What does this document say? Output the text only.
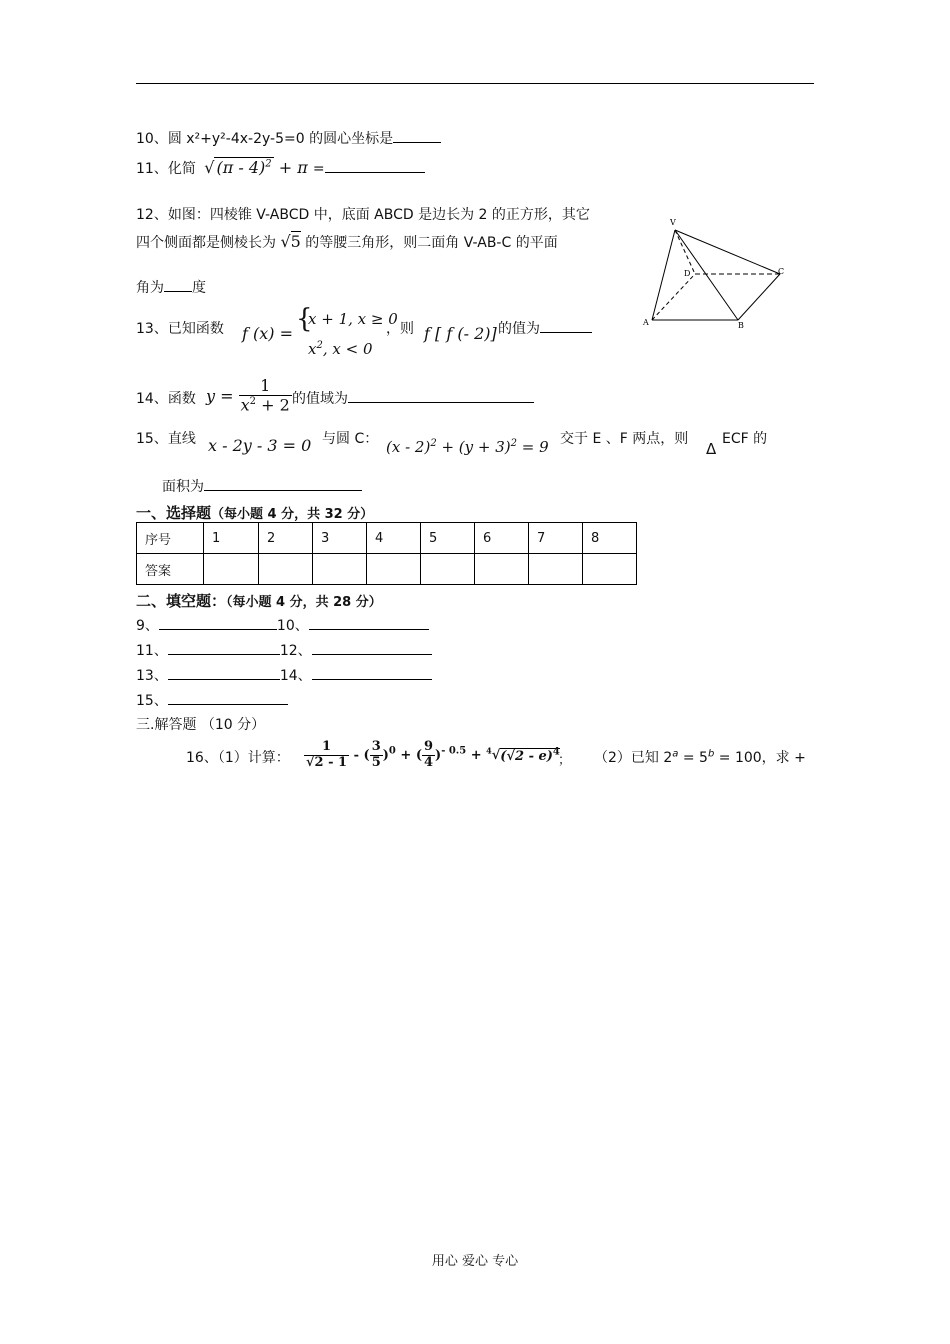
10、圆 x²+y²-4x-2y-5=0 的圆心坐标是
11、化简 √ (π - 4)$^2$ + π =
12、如图：四棱锥 V-ABCD 中，底面 ABCD 是边长为 2 的正方形，其它
四个侧面都是侧棱长为 √5 的等腰三角形，则二面角 V-AB-C 的平面
角为 度
V
A	B
C
D
13、已知函数 f (x) = {
x + 1, x ≥ 0
$x^2$, x < 0
，则 f [ f (- 2)] 的值为
14、函数 $y = \frac{1}{x^2 + 2}$ 的值域为
15、直线 x - 2y - 3 = 0 与圆 C： $(x - 2)^2 + (y + 3)^2 = 9$ 交于 E 、F 两点，则
Δ
ECF 的
面积为
一、选择题（每小题 4 分，共 32 分）
序号	1	2	3	4	5	6	7	8
答案								
二、填空题：（每小题 4 分，共 28 分）
9、	10、
11、	12、
13、	14、
15、
三.解答题 （10 分）
16、（1）计算： $\frac{1}{√2 - 1}$ - ( $\frac{3}{5} )^0$ + ( $\frac{9}{4} )^{- 0.5} + ^4√(√2 - e)^4$
； （2）已知 $2^a = 5^b = 100$，求 +
用心 爱心 专心
